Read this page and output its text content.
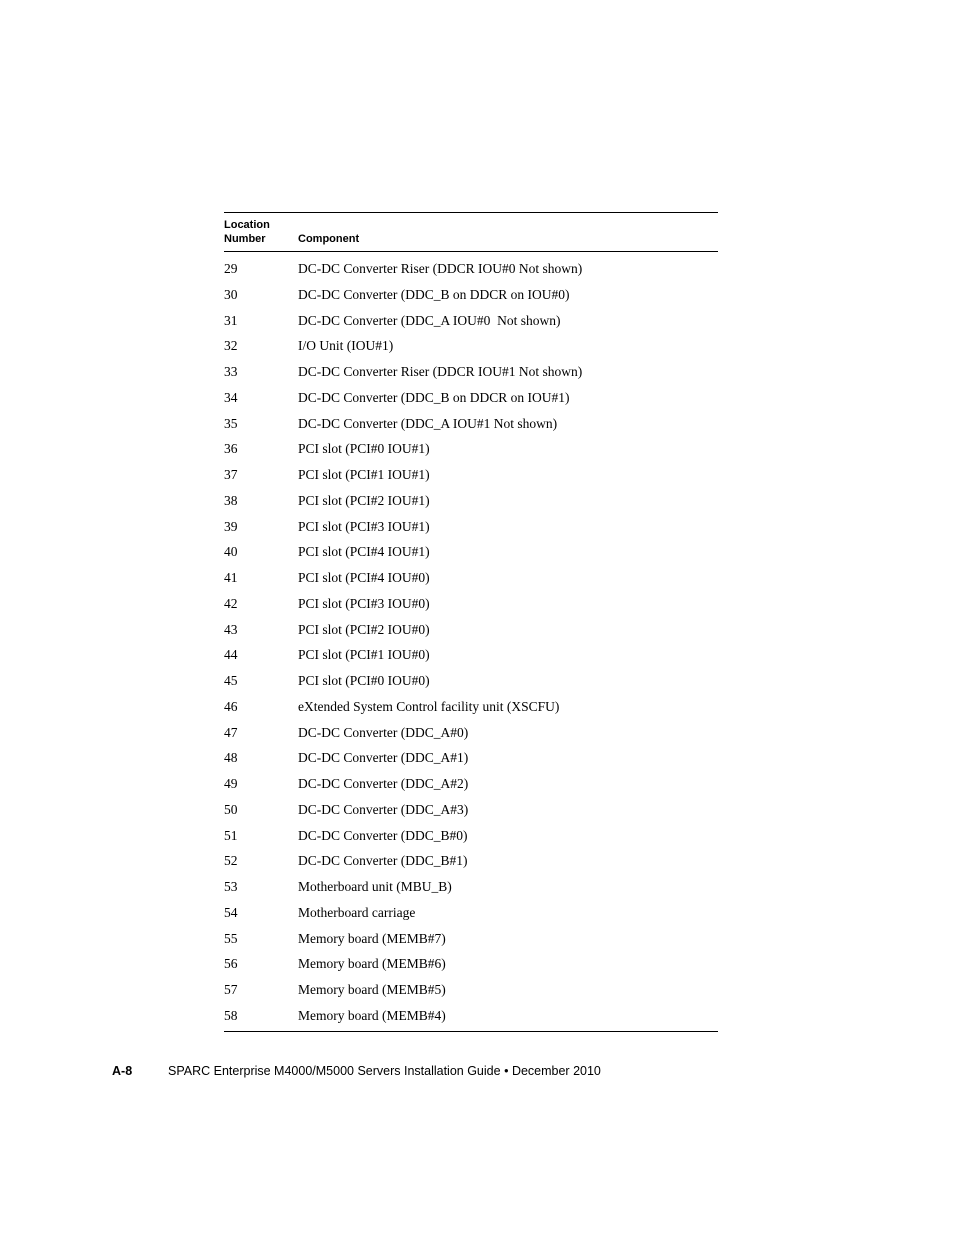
Location
Number	Component
29	DC-DC Converter Riser (DDCR IOU#0 Not shown)
30	DC-DC Converter (DDC_B on DDCR on IOU#0)
31	DC-DC Converter (DDC_A IOU#0  Not shown)
32	I/O Unit (IOU#1)
33	DC-DC Converter Riser (DDCR IOU#1 Not shown)
34	DC-DC Converter (DDC_B on DDCR on IOU#1)
35	DC-DC Converter (DDC_A IOU#1 Not shown)
36	PCI slot (PCI#0 IOU#1)
37	PCI slot (PCI#1 IOU#1)
38	PCI slot (PCI#2 IOU#1)
39	PCI slot (PCI#3 IOU#1)
40	PCI slot (PCI#4 IOU#1)
41	PCI slot (PCI#4 IOU#0)
42	PCI slot (PCI#3 IOU#0)
43	PCI slot (PCI#2 IOU#0)
44	PCI slot (PCI#1 IOU#0)
45	PCI slot (PCI#0 IOU#0)
46	eXtended System Control facility unit (XSCFU)
47	DC-DC Converter (DDC_A#0)
48	DC-DC Converter (DDC_A#1)
49	DC-DC Converter (DDC_A#2)
50	DC-DC Converter (DDC_A#3)
51	DC-DC Converter (DDC_B#0)
52	DC-DC Converter (DDC_B#1)
53	Motherboard unit (MBU_B)
54	Motherboard carriage
55	Memory board (MEMB#7)
56	Memory board (MEMB#6)
57	Memory board (MEMB#5)
58	Memory board (MEMB#4)
A-8	SPARC Enterprise M4000/M5000 Servers Installation Guide • December 2010
